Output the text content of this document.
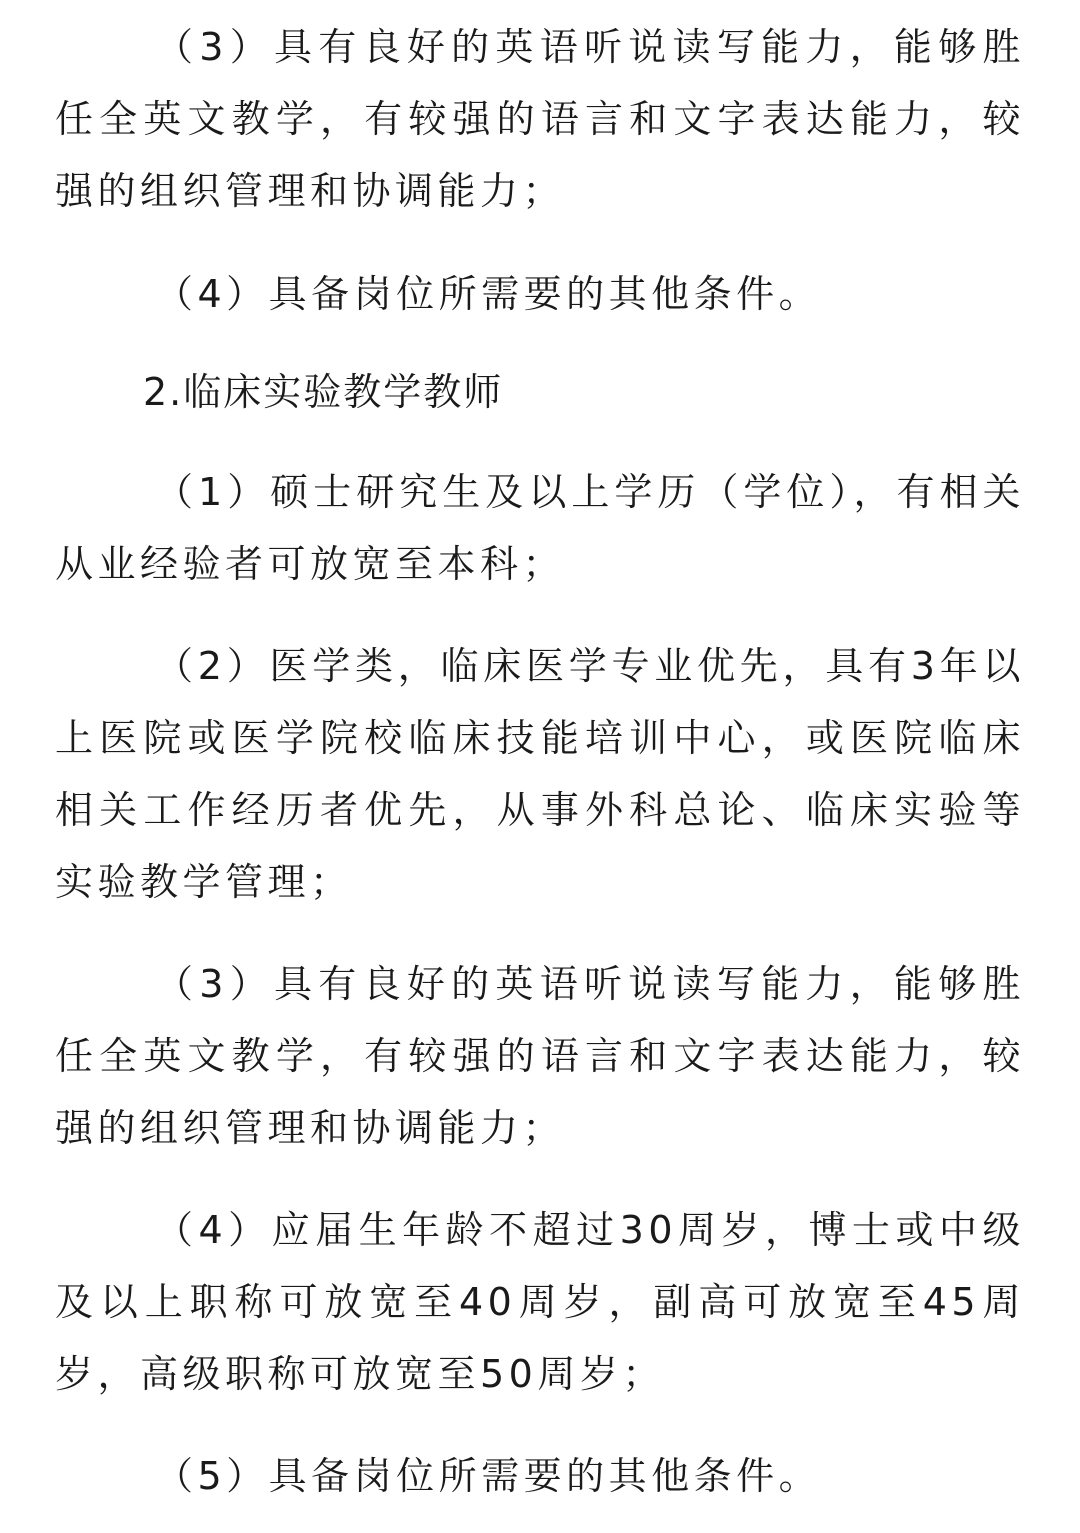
（3）具有良好的英语听说读写能力，能够胜任全英文教学，有较强的语言和文字表达能力，较强的组织管理和协调能力；

（4）具备岗位所需要的其他条件。

2.临床实验教学教师

（1）硕士研究生及以上学历（学位），有相关从业经验者可放宽至本科；

（2）医学类，临床医学专业优先，具有3年以上医院或医学院校临床技能培训中心，或医院临床相关工作经历者优先，从事外科总论、临床实验等实验教学管理；

（3）具有良好的英语听说读写能力，能够胜任全英文教学，有较强的语言和文字表达能力，较强的组织管理和协调能力；

（4）应届生年龄不超过30周岁，博士或中级及以上职称可放宽至40周岁，副高可放宽至45周岁，高级职称可放宽至50周岁；

（5）具备岗位所需要的其他条件。
